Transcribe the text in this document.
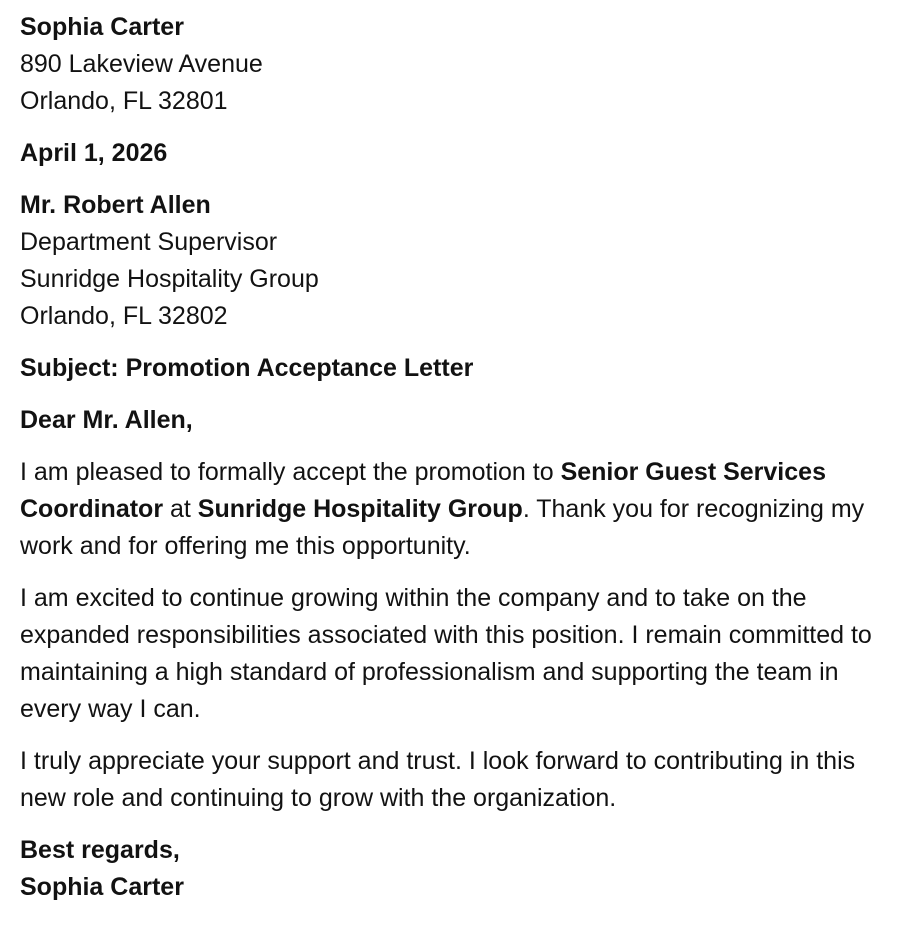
Sophia Carter
890 Lakeview Avenue
Orlando, FL 32801
April 1, 2026
Mr. Robert Allen
Department Supervisor
Sunridge Hospitality Group
Orlando, FL 32802
Subject: Promotion Acceptance Letter
Dear Mr. Allen,

I am pleased to formally accept the promotion to Senior Guest Services Coordinator at Sunridge Hospitality Group. Thank you for recognizing my work and for offering me this opportunity.

I am excited to continue growing within the company and to take on the expanded responsibilities associated with this position. I remain committed to maintaining a high standard of professionalism and supporting the team in every way I can.

I truly appreciate your support and trust. I look forward to contributing in this new role and continuing to grow with the organization.

Best regards,
Sophia Carter
